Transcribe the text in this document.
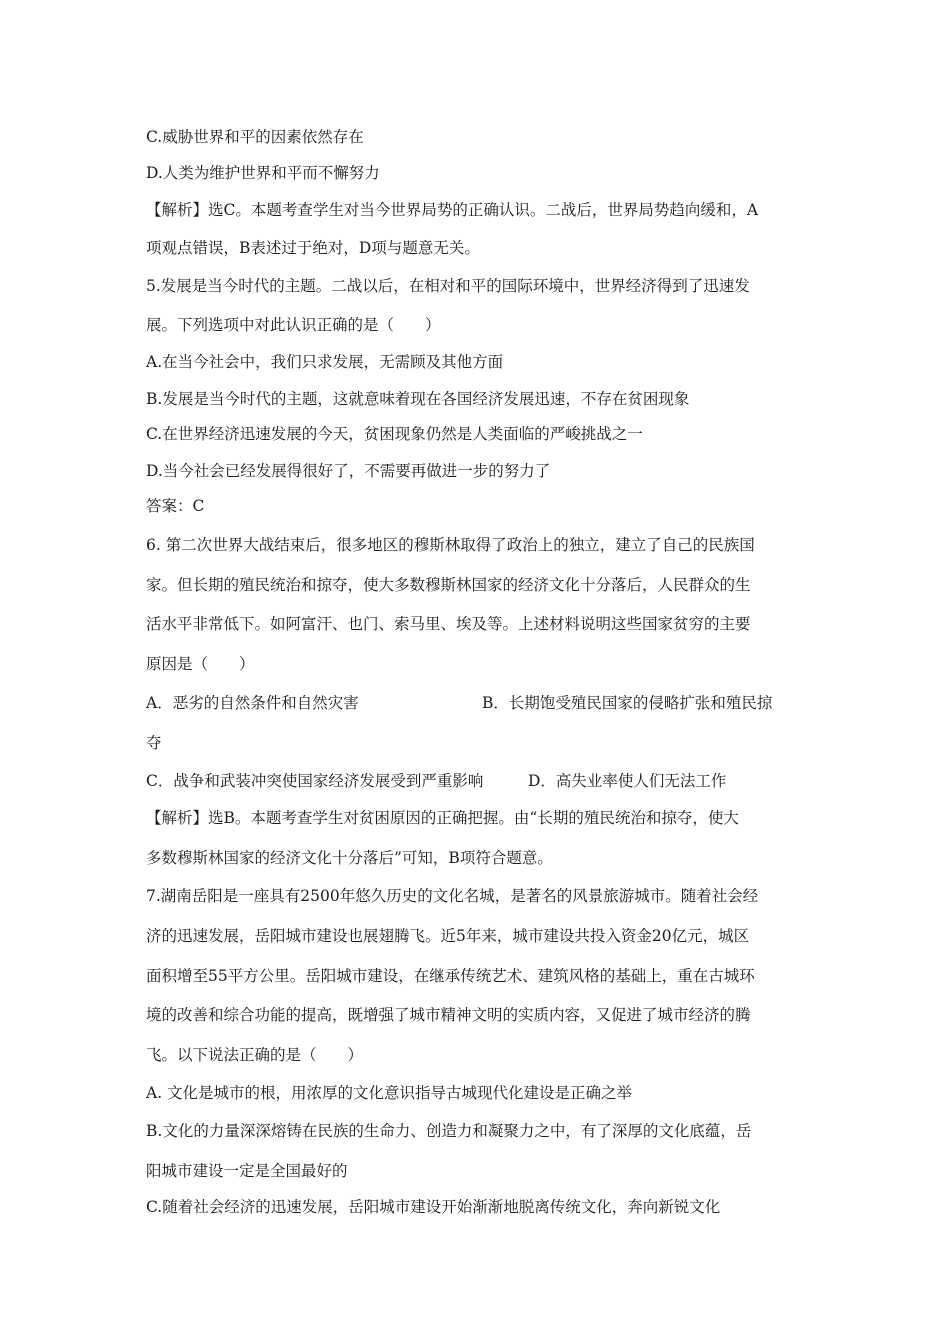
C.威胁世界和平的因素依然存在
D.人类为维护世界和平而不懈努力
【解析】选C。本题考查学生对当今世界局势的正确认识。二战后，世界局势趋向缓和，A
项观点错误，B表述过于绝对，D项与题意无关。
5.发展是当今时代的主题。二战以后，在相对和平的国际环境中，世界经济得到了迅速发
展。下列选项中对此认识正确的是（　　）
A.在当今社会中，我们只求发展，无需顾及其他方面
B.发展是当今时代的主题，这就意味着现在各国经济发展迅速，不存在贫困现象
C.在世界经济迅速发展的今天，贫困现象仍然是人类面临的严峻挑战之一
D.当今社会已经发展得很好了，不需要再做进一步的努力了
答案：C
6. 第二次世界大战结束后，很多地区的穆斯林取得了政治上的独立，建立了自己的民族国
家。但长期的殖民统治和掠夺，使大多数穆斯林国家的经济文化十分落后，人民群众的生
活水平非常低下。如阿富汗、也门、索马里、埃及等。上述材料说明这些国家贫穷的主要
原因是（　　）
A．恶劣的自然条件和自然灾害	B．长期饱受殖民国家的侵略扩张和殖民掠
夺
C．战争和武装冲突使国家经济发展受到严重影响	D．高失业率使人们无法工作
【解析】选B。本题考查学生对贫困原因的正确把握。由“长期的殖民统治和掠夺，使大
多数穆斯林国家的经济文化十分落后”可知，B项符合题意。
7.湖南岳阳是一座具有2500年悠久历史的文化名城，是著名的风景旅游城市。随着社会经
济的迅速发展，岳阳城市建设也展翅腾飞。近5年来，城市建设共投入资金20亿元，城区
面积增至55平方公里。岳阳城市建设，在继承传统艺术、建筑风格的基础上，重在古城环
境的改善和综合功能的提高，既增强了城市精神文明的实质内容，又促进了城市经济的腾
飞。以下说法正确的是（　　）
A. 文化是城市的根，用浓厚的文化意识指导古城现代化建设是正确之举
B.文化的力量深深熔铸在民族的生命力、创造力和凝聚力之中，有了深厚的文化底蕴，岳
阳城市建设一定是全国最好的
C.随着社会经济的迅速发展，岳阳城市建设开始渐渐地脱离传统文化，奔向新锐文化
